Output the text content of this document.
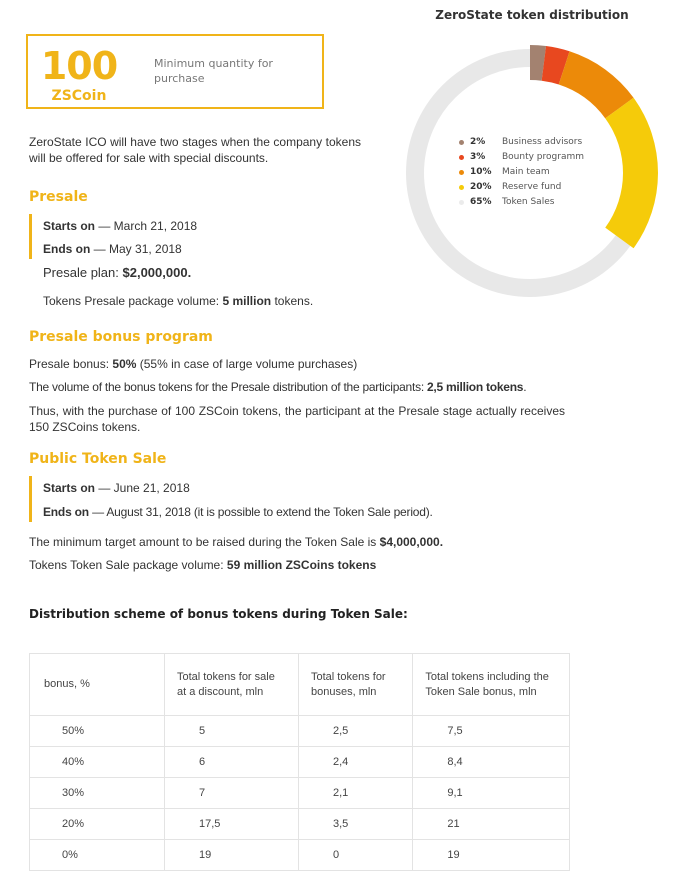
100
ZSCoin
Minimum quantity for purchase
ZeroState ICO will have two stages when the company tokens will be offered for sale with special discounts.
Presale
Starts on — March 21, 2018
Ends on — May 31, 2018
Presale plan: $2,000,000.
Tokens Presale package volume: 5 million tokens.
Presale bonus program
Presale bonus: 50% (55% in case of large volume purchases)
The volume of the bonus tokens for the Presale distribution of the participants: 2,5 million tokens.
Thus, with the purchase of 100 ZSCoin tokens, the participant at the Presale stage actually receives 150 ZSCoins tokens.
Public Token Sale
Starts on — June 21, 2018
Ends on — August 31, 2018 (it is possible to extend the Token Sale period).
The minimum target amount to be raised during the Token Sale is $4,000,000.
Tokens Token Sale package volume: 59 million ZSCoins tokens
ZeroState token distribution
2% Business advisors
3% Bounty programm
10% Main team
20% Reserve fund
65% Token Sales
Distribution scheme of bonus tokens during Token Sale:
bonus, %	Total tokens for sale at a discount, mln	Total tokens for bonuses, mln	Total tokens including the Token Sale bonus, mln
50%	5	2,5	7,5
40%	6	2,4	8,4
30%	7	2,1	9,1
20%	17,5	3,5	21
0%	19	0	19
